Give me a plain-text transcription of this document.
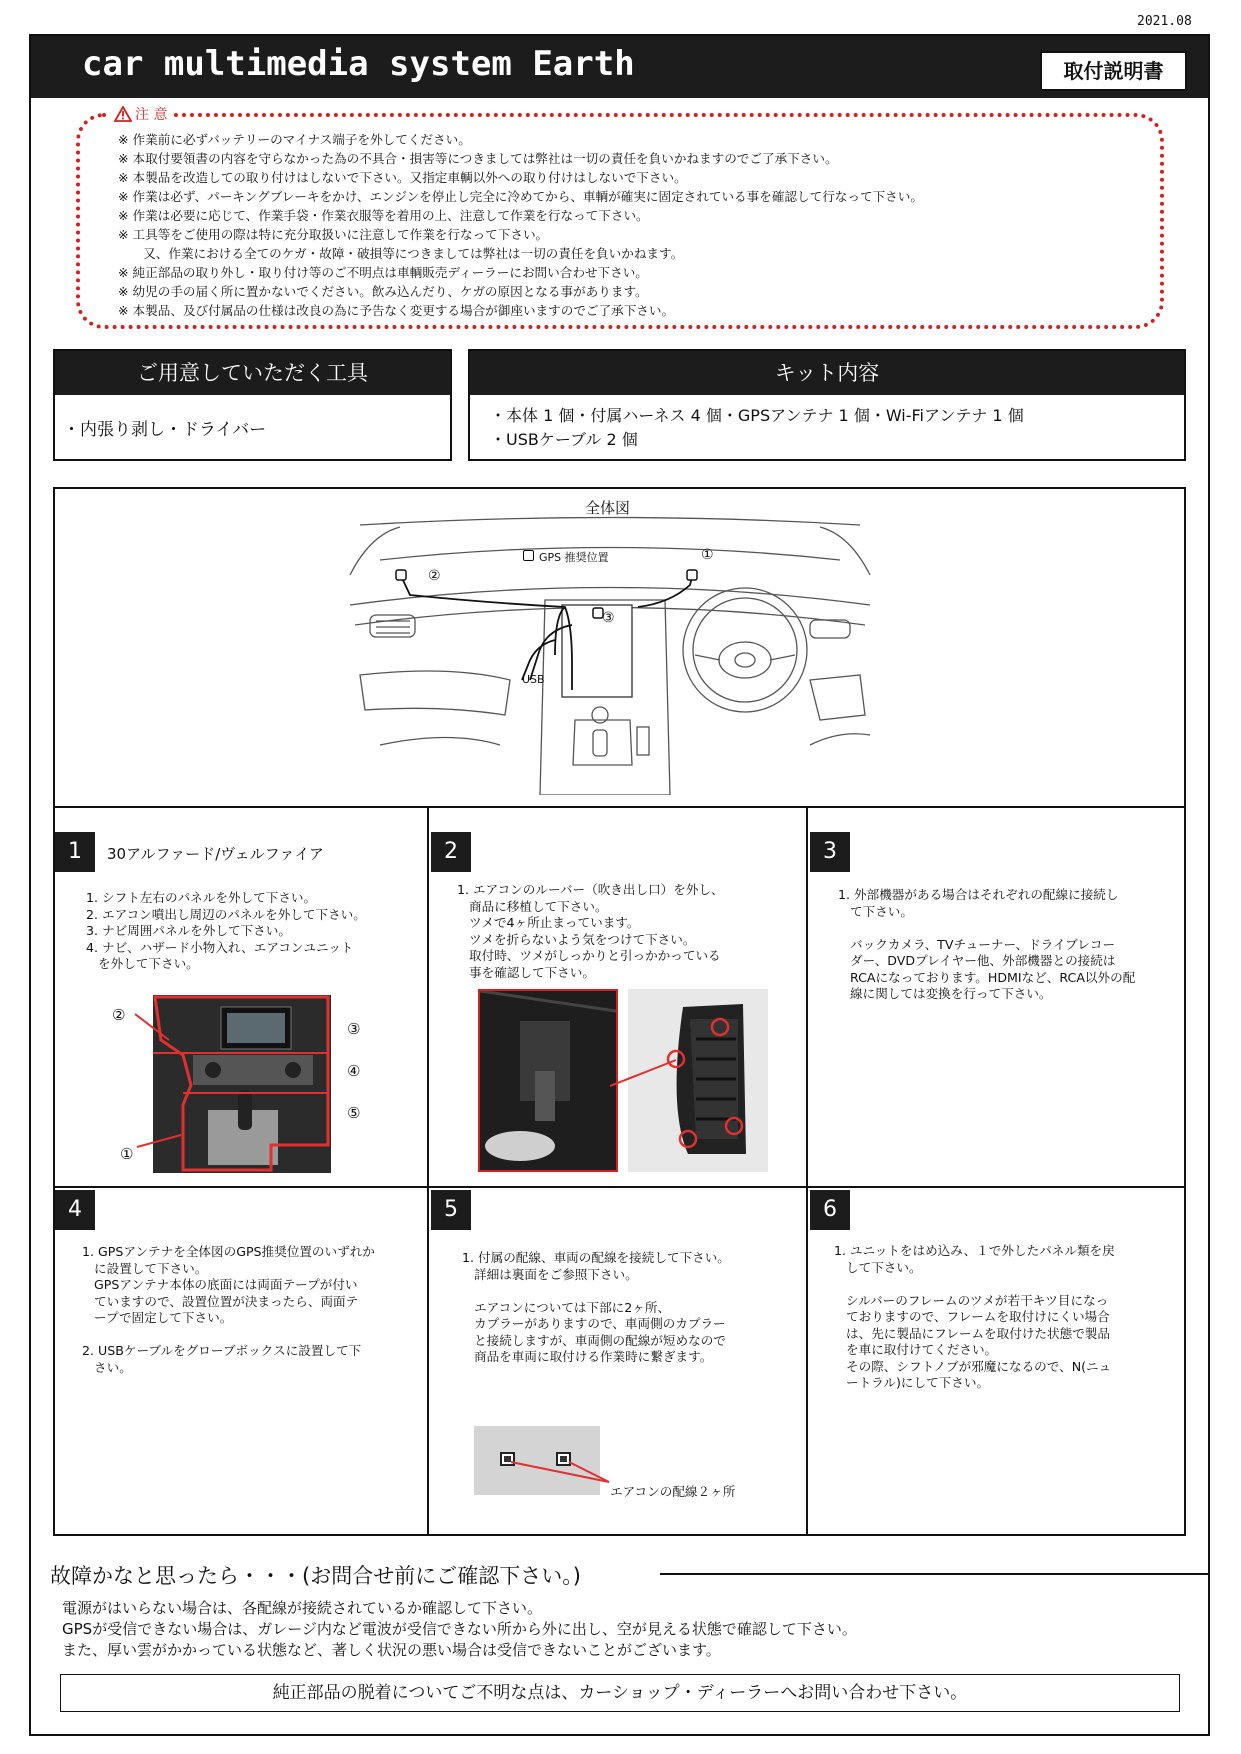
2021.08
car multimedia system Earth	取付説明書
注 意
※ 作業前に必ずバッテリーのマイナス端子を外してください。
※ 本取付要領書の内容を守らなかった為の不具合・損害等につきましては弊社は一切の責任を負いかねますのでご了承下さい。
※ 本製品を改造しての取り付けはしないで下さい。又指定車輌以外への取り付けはしないで下さい。
※ 作業は必ず、パーキングブレーキをかけ、エンジンを停止し完全に冷めてから、車輌が確実に固定されている事を確認して行なって下さい。
※ 作業は必要に応じて、作業手袋・作業衣服等を着用の上、注意して作業を行なって下さい。
※ 工具等をご使用の際は特に充分取扱いに注意して作業を行なって下さい。
　　又、作業における全てのケガ・故障・破損等につきましては弊社は一切の責任を負いかねます。
※ 純正部品の取り外し・取り付け等のご不明点は車輌販売ディーラーにお問い合わせ下さい。
※ 幼児の手の届く所に置かないでください。飲み込んだり、ケガの原因となる事があります。
※ 本製品、及び付属品の仕様は改良の為に予告なく変更する場合が御座いますのでご了承下さい。
ご用意していただく工具
・内張り剥し・ドライバー
キット内容
・本体 1 個・付属ハーネス 4 個・GPSアンテナ 1 個・Wi-Fiアンテナ 1 個
・USBケーブル 2 個
全体図
GPS 推奨位置	①
②
③
USB
1	30アルファード/ヴェルファイア
1. シフト左右のパネルを外して下さい。
2. エアコン噴出し周辺のパネルを外して下さい。
3. ナビ周囲パネルを外して下さい。
4. ナビ、ハザード小物入れ、エアコンユニット
を外して下さい。
②
③
④
⑤
①
2
1. エアコンのルーバー（吹き出し口）を外し、
商品に移植して下さい。
ツメで4ヶ所止まっています。
ツメを折らないよう気をつけて下さい。
取付時、ツメがしっかりと引っかかっている
事を確認して下さい。
3
1. 外部機器がある場合はそれぞれの配線に接続し
て下さい。

バックカメラ、TVチューナー、ドライブレコー
ダー、DVDプレイヤー他、外部機器との接続は
RCAになっております。HDMIなど、RCA以外の配
線に関しては変換を行って下さい。
4
1. GPSアンテナを全体図のGPS推奨位置のいずれか
に設置して下さい。
GPSアンテナ本体の底面には両面テープが付い
ていますので、設置位置が決まったら、両面テ
ープで固定して下さい。

2. USBケーブルをグローブボックスに設置して下
さい。
5
1. 付属の配線、車両の配線を接続して下さい。
詳細は裏面をご参照下さい。

エアコンについては下部に2ヶ所、
カプラーがありますので、車両側のカプラー
と接続しますが、車両側の配線が短めなので
商品を車両に取付ける作業時に繋ぎます。
エアコンの配線２ヶ所
6
1. ユニットをはめ込み、１で外したパネル類を戻
して下さい。

シルバーのフレームのツメが若干キツ目になっ
ておりますので、フレームを取付けにくい場合
は、先に製品にフレームを取付けた状態で製品
を車に取付けてください。
その際、シフトノブが邪魔になるので、N(ニュ
ートラル)にして下さい。
故障かなと思ったら・・・(お問合せ前にご確認下さい。)
電源がはいらない場合は、各配線が接続されているか確認して下さい。
GPSが受信できない場合は、ガレージ内など電波が受信できない所から外に出し、空が見える状態で確認して下さい。
また、厚い雲がかかっている状態など、著しく状況の悪い場合は受信できないことがございます。
純正部品の脱着についてご不明な点は、カーショップ・ディーラーへお問い合わせ下さい。
